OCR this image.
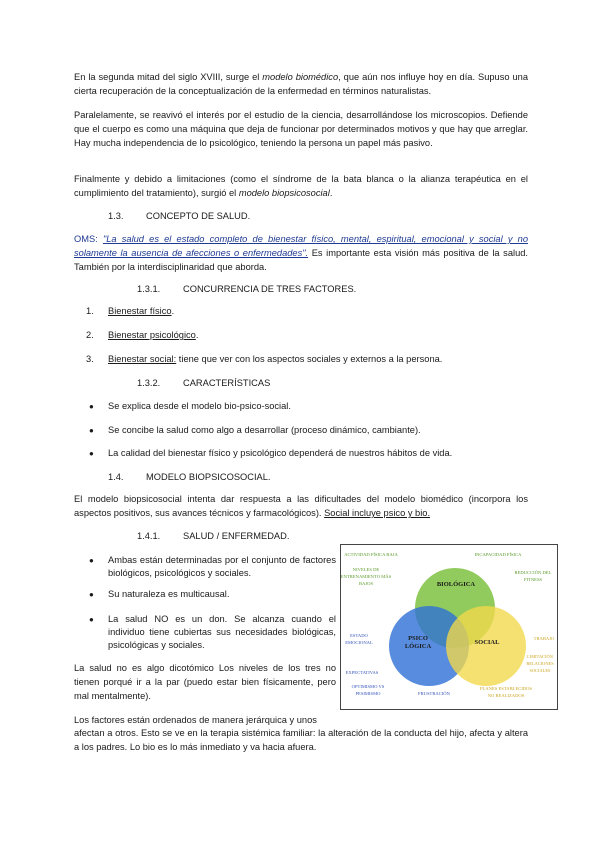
En la segunda mitad del siglo XVIII, surge el modelo biomédico, que aún nos influye hoy en día. Supuso una cierta recuperación de la conceptualización de la enfermedad en términos naturalistas.

Paralelamente, se reavivó el interés por el estudio de la ciencia, desarrollándose los microscopios. Defiende que el cuerpo es como una máquina que deja de funcionar por determinados motivos y que hay que arreglar. Hay mucha independencia de lo psicológico, teniendo la persona un papel más pasivo.

Finalmente y debido a limitaciones (como el síndrome de la bata blanca o la alianza terapéutica en el cumplimiento del tratamiento), surgió el modelo biopsicosocial.

1.3. CONCEPTO DE SALUD.

OMS: "La salud es el estado completo de bienestar físico, mental, espiritual, emocional y social y no solamente la ausencia de afecciones o enfermedades". Es importante esta visión más positiva de la salud. También por la interdisciplinaridad que aborda.

1.3.1. CONCURRENCIA DE TRES FACTORES.

1. Bienestar físico.

2. Bienestar psicológico.

3. Bienestar social: tiene que ver con los aspectos sociales y externos a la persona.

1.3.2. CARACTERÍSTICAS

● Se explica desde el modelo bio-psico-social.

● Se concibe la salud como algo a desarrollar (proceso dinámico, cambiante).

● La calidad del bienestar físico y psicológico dependerá de nuestros hábitos de vida.

1.4. MODELO BIOPSICOSOCIAL.

El modelo biopsicosocial intenta dar respuesta a las dificultades del modelo biomédico (incorpora los aspectos positivos, sus avances técnicos y farmacológicos). Social incluye psico y bio.

1.4.1. SALUD / ENFERMEDAD.

● Ambas están determinadas por el conjunto de factores biológicos, psicológicos y sociales.

● Su naturaleza es multicausal.

● La salud NO es un don. Se alcanza cuando el individuo tiene cubiertas sus necesidades biológicas, psicológicas y sociales.

La salud no es algo dicotómico Los niveles de los tres no tienen porqué ir a la par (puedo estar bien físicamente, pero mal mentalmente).

Los factores están ordenados de manera jerárquica y unos

afectan a otros. Esto se ve en la terapia sistémica familiar: la alteración de la conducta del hijo, afecta y altera a los padres. Lo bio es lo más inmediato y va hacia afuera.

BIOLÓGICA
PSICO
LÓGICA
SOCIAL
ACTIVIDAD FÍSICA BAJA	INCAPACIDAD FÍSICA
NIVELES DE
ENTRENAMIENTO MÁS
BAJOS
REDUCCIÓN DEL
FITNESS
ESTADO
EMOCIONAL
EXPECTATIVAS
OPTIMISMO VS
PESIMISMO	FRUSTRACIÓN
TRABAJO
LIMITACIÓN
RELACIONES
SOCIALES
PLANES ESTABLECIDOS
NO REALIZADOS
